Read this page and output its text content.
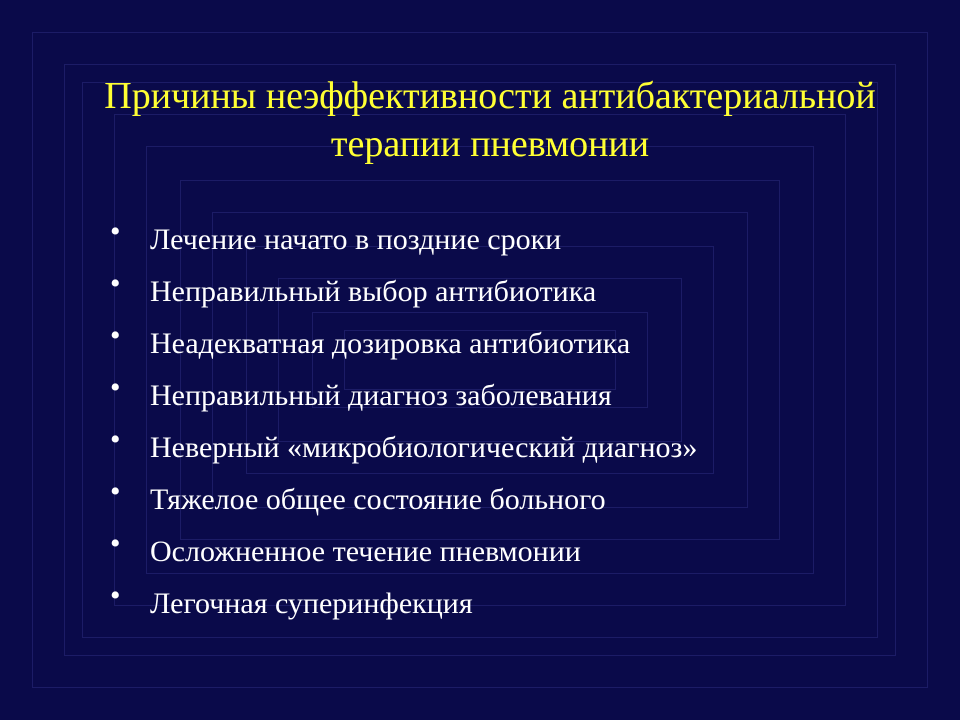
Причины неэффективности антибактериальной
терапии пневмонии
• Лечение начато в поздние сроки
• Неправильный выбор антибиотика
• Неадекватная дозировка антибиотика
• Неправильный диагноз заболевания
• Неверный «микробиологический диагноз»
• Тяжелое общее состояние больного
• Осложненное течение пневмонии
• Легочная суперинфекция
